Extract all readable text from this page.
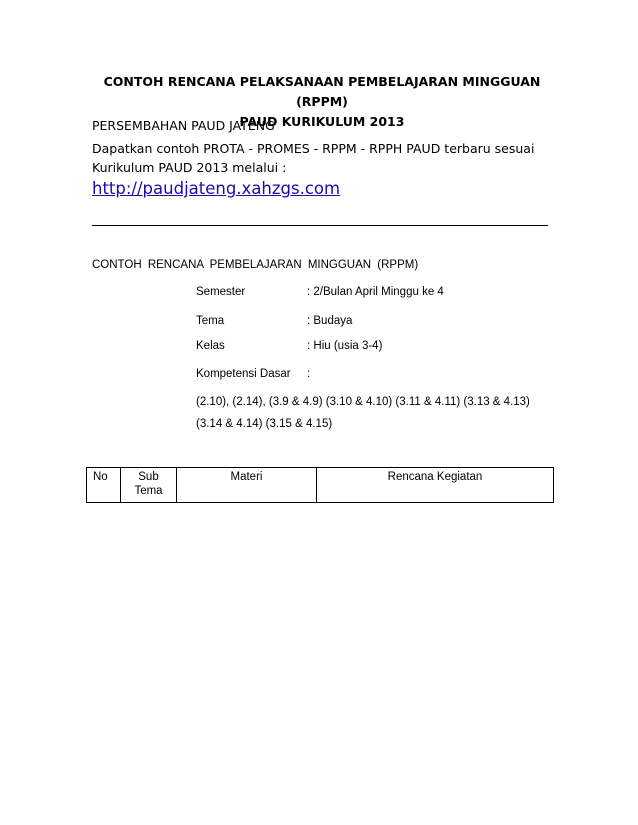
CONTOH RENCANA PELAKSANAAN PEMBELAJARAN MINGGUAN (RPPM)
PAUD KURIKULUM 2013
PERSEMBAHAN PAUD JATENG
Dapatkan contoh PROTA - PROMES - RPPM - RPPH PAUD terbaru sesuai Kurikulum PAUD 2013 melalui :
http://paudjateng.xahzgs.com
CONTOH RENCANA PEMBELAJARAN MINGGUAN (RPPM)
Semester	: 2/Bulan April Minggu ke 4
Tema	: Budaya
Kelas	: Hiu (usia 3-4)
Kompetensi Dasar :
(2.10), (2.14), (3.9 & 4.9) (3.10 & 4.10) (3.11 & 4.11) (3.13 & 4.13) (3.14 & 4.14) (3.15 & 4.15)
No	Sub Tema	Materi	Rencana Kegiatan
